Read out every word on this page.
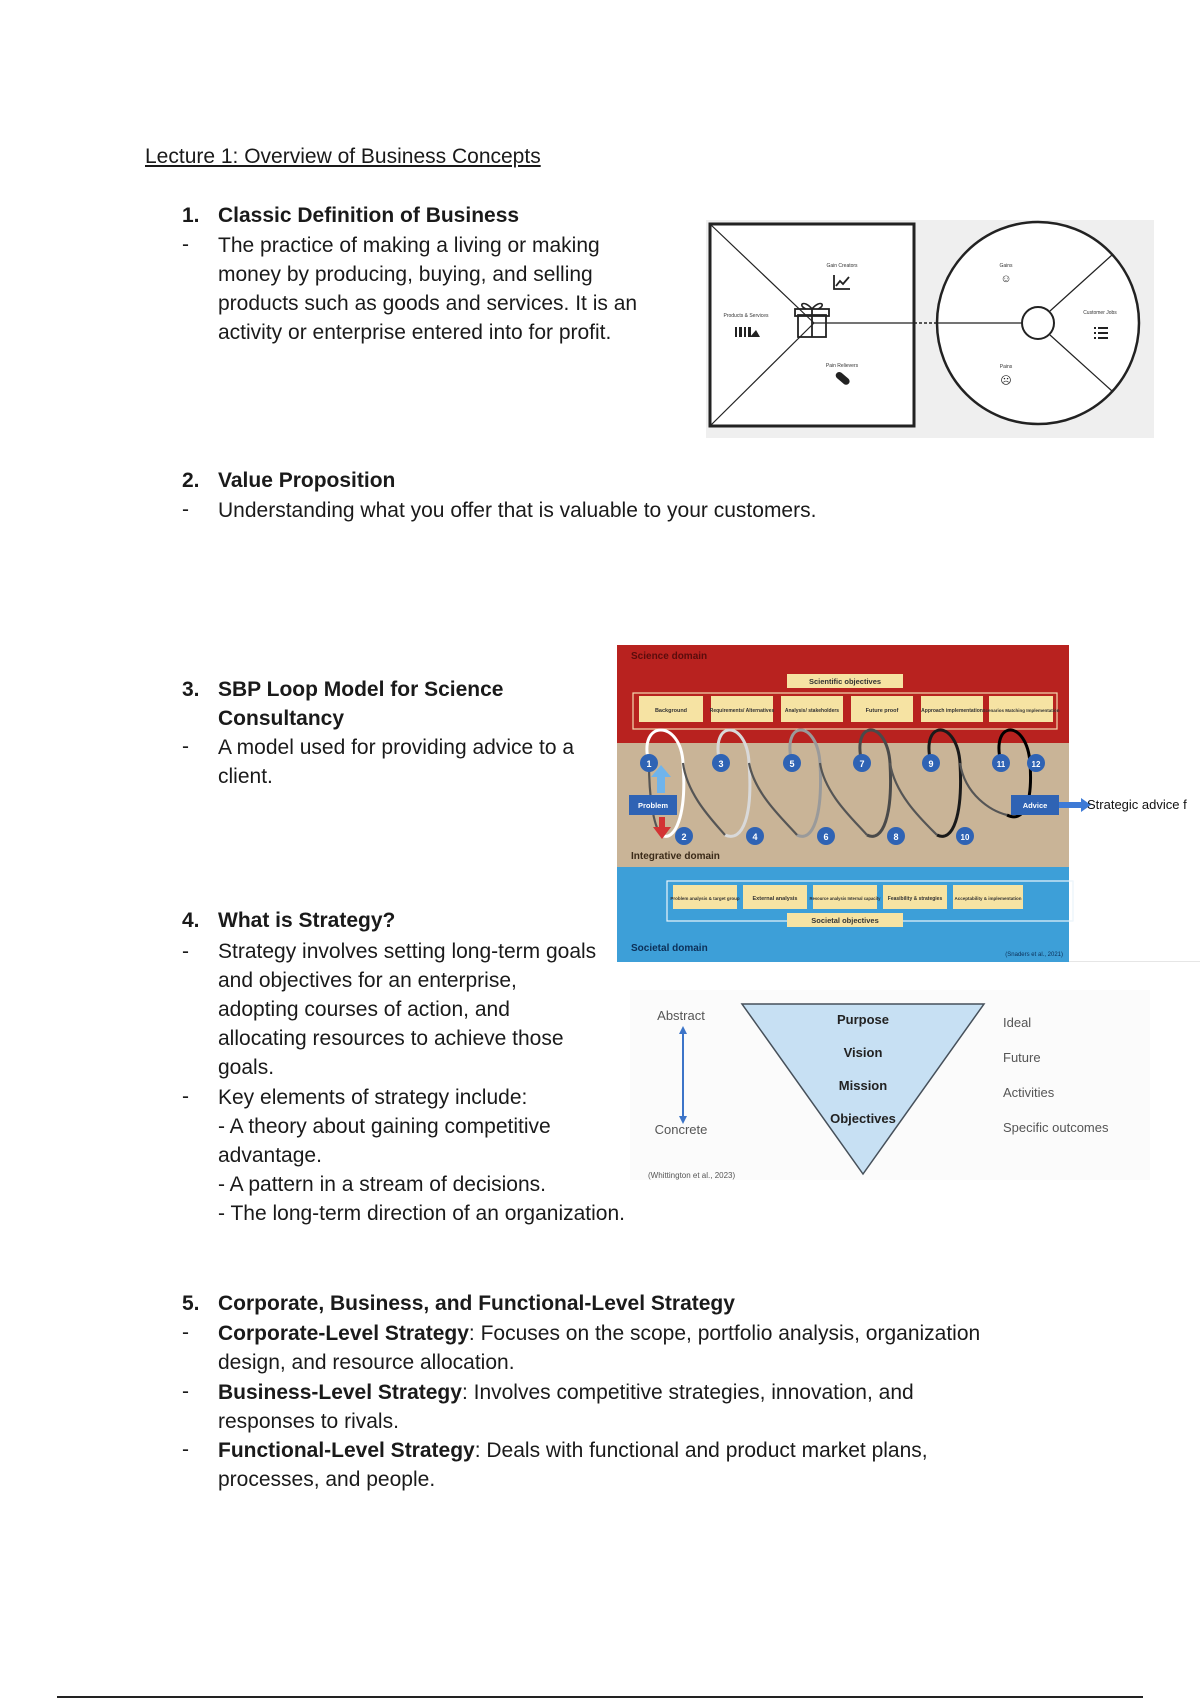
Lecture 1: Overview of Business Concepts
1. Classic Definition of Business
- The practice of making a living or making money by producing, buying, and selling products such as goods and services. It is an activity or enterprise entered into for profit.
Gain Creators
Products & Services
Pain Relievers
Gains
☺
Customer Jobs
Pains
☹
2. Value Proposition
- Understanding what you offer that is valuable to your customers.
3. SBP Loop Model for Science
Consultancy
- A model used for providing advice to a client.
Science domain
Scientific objectives
Background	Requirements/ Alternatives Analysis/ stakeholders	Future proof	Approach implementation Scenarios Matching Implementation
Problem	Advice	Strategic advice f
1	3	5	7	9	11	12
2	4	6	8	10
Integrative domain
Problem analysis & target group External analysis	Resource analysis Internal capacity Feasibility & strategies	Acceptability & implementation
Societal objectives
Societal domain
(Snaders et al., 2021)
4. What is Strategy?
- Strategy involves setting long-term goals and objectives for an enterprise, adopting courses of action, and allocating resources to achieve those goals.
- Key elements of strategy include:
- A theory about gaining competitive advantage.
- A pattern in a stream of decisions.
- The long-term direction of an organization.
Abstract
Concrete
Purpose
Vision
Mission
Objectives
Ideal
Future
Activities
Specific outcomes
(Whittington et al., 2023)
5. Corporate, Business, and Functional-Level Strategy
- Corporate-Level Strategy: Focuses on the scope, portfolio analysis, organization design, and resource allocation.
- Business-Level Strategy: Involves competitive strategies, innovation, and responses to rivals.
- Functional-Level Strategy: Deals with functional and product market plans, processes, and people.
